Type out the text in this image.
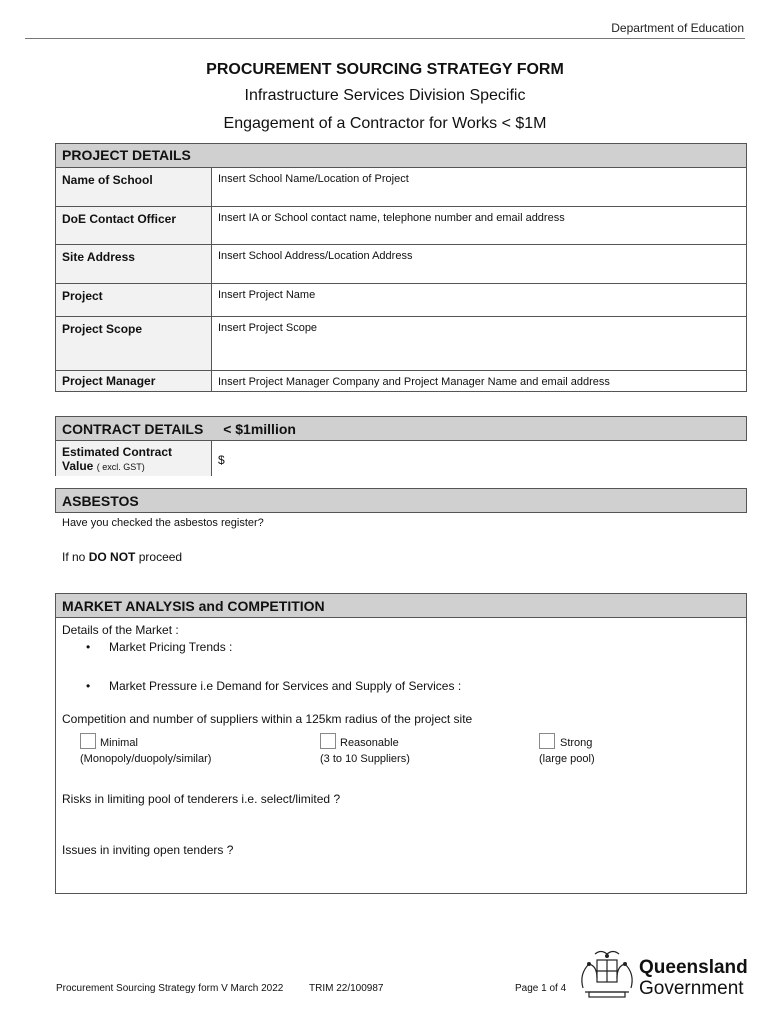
Department of Education
PROCUREMENT SOURCING STRATEGY FORM
Infrastructure Services Division Specific
Engagement of a Contractor for Works < $1M
PROJECT DETAILS
Name of School	Insert School Name/Location of Project
DoE Contact Officer	Insert IA or School contact name, telephone number and email address
Site Address	Insert School Address/Location Address
Project	Insert Project Name
Project Scope	Insert Project Scope
Project Manager	Insert Project Manager Company and Project Manager Name and email address
CONTRACT DETAILS < $1million
Estimated Contract
Value ( excl. GST)	$
ASBESTOS
Have you checked the asbestos register?
If no DO NOT proceed
MARKET ANALYSIS and COMPETITION
Details of the Market :
• Market Pricing Trends :
• Market Pressure i.e Demand for Services and Supply of Services :
Competition and number of suppliers within a 125km radius of the project site
Minimal
(Monopoly/duopoly/similar)
Reasonable
(3 to 10 Suppliers)
Strong
(large pool)
Risks in limiting pool of tenderers i.e. select/limited ?
Issues in inviting open tenders ?
Procurement Sourcing Strategy form V March 2022	TRIM 22/100987	Page 1 of 4
Queensland
Government
